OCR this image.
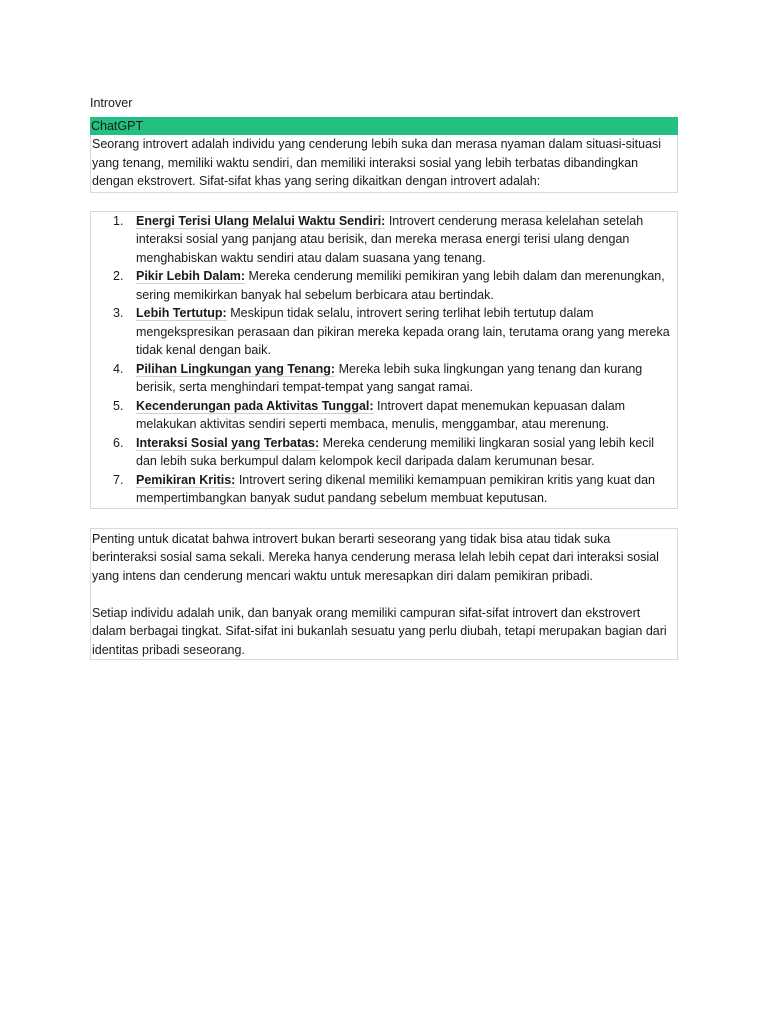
Introver
ChatGPT
Seorang introvert adalah individu yang cenderung lebih suka dan merasa nyaman dalam situasi-situasi yang tenang, memiliki waktu sendiri, dan memiliki interaksi sosial yang lebih terbatas dibandingkan dengan ekstrovert. Sifat-sifat khas yang sering dikaitkan dengan introvert adalah:
1. Energi Terisi Ulang Melalui Waktu Sendiri: Introvert cenderung merasa kelelahan setelah interaksi sosial yang panjang atau berisik, dan mereka merasa energi terisi ulang dengan menghabiskan waktu sendiri atau dalam suasana yang tenang.
2. Pikir Lebih Dalam: Mereka cenderung memiliki pemikiran yang lebih dalam dan merenungkan, sering memikirkan banyak hal sebelum berbicara atau bertindak.
3. Lebih Tertutup: Meskipun tidak selalu, introvert sering terlihat lebih tertutup dalam mengekspresikan perasaan dan pikiran mereka kepada orang lain, terutama orang yang mereka tidak kenal dengan baik.
4. Pilihan Lingkungan yang Tenang: Mereka lebih suka lingkungan yang tenang dan kurang berisik, serta menghindari tempat-tempat yang sangat ramai.
5. Kecenderungan pada Aktivitas Tunggal: Introvert dapat menemukan kepuasan dalam melakukan aktivitas sendiri seperti membaca, menulis, menggambar, atau merenung.
6. Interaksi Sosial yang Terbatas: Mereka cenderung memiliki lingkaran sosial yang lebih kecil dan lebih suka berkumpul dalam kelompok kecil daripada dalam kerumunan besar.
7. Pemikiran Kritis: Introvert sering dikenal memiliki kemampuan pemikiran kritis yang kuat dan mempertimbangkan banyak sudut pandang sebelum membuat keputusan.

Penting untuk dicatat bahwa introvert bukan berarti seseorang yang tidak bisa atau tidak suka berinteraksi sosial sama sekali. Mereka hanya cenderung merasa lelah lebih cepat dari interaksi sosial yang intens dan cenderung mencari waktu untuk meresapkan diri dalam pemikiran pribadi.

Setiap individu adalah unik, dan banyak orang memiliki campuran sifat-sifat introvert dan ekstrovert dalam berbagai tingkat. Sifat-sifat ini bukanlah sesuatu yang perlu diubah, tetapi merupakan bagian dari identitas pribadi seseorang.
